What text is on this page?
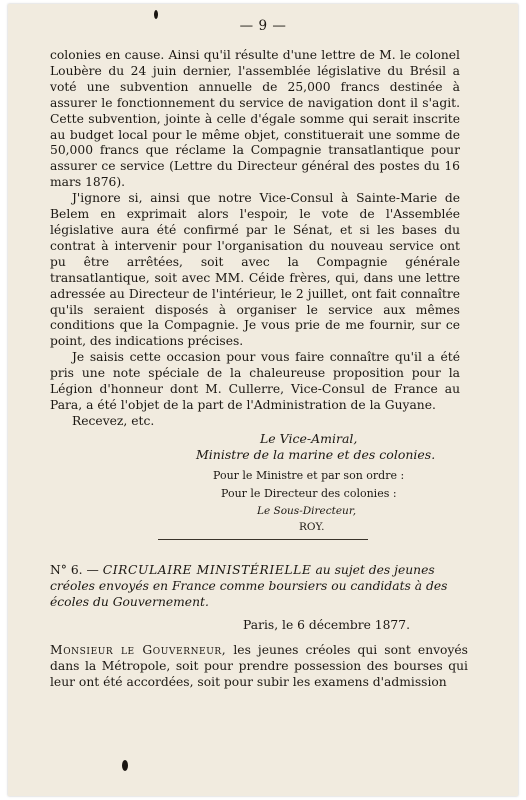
— 9 —

colonies en cause. Ainsi qu'il résulte d'une lettre de M. le colonel Loubère du 24 juin dernier, l'assemblée législative du Brésil a voté une subvention annuelle de 25,000 francs destinée à assurer le fonctionnement du service de navigation dont il s'agit. Cette subvention, jointe à celle d'égale somme qui serait inscrite au budget local pour le même objet, constituerait une somme de 50,000 francs que réclame la Compagnie transatlantique pour assurer ce service (Lettre du Directeur général des postes du 16 mars 1876).

J'ignore si, ainsi que notre Vice-Consul à Sainte-Marie de Belem en exprimait alors l'espoir, le vote de l'Assemblée législative aura été confirmé par le Sénat, et si les bases du contrat à intervenir pour l'organisation du nouveau service ont pu être arrêtées, soit avec la Compagnie générale transatlantique, soit avec MM. Céide frères, qui, dans une lettre adressée au Directeur de l'intérieur, le 2 juillet, ont fait connaître qu'ils seraient disposés à organiser le service aux mêmes conditions que la Compagnie. Je vous prie de me fournir, sur ce point, des indications précises.

Je saisis cette occasion pour vous faire connaître qu'il a été pris une note spéciale de la chaleureuse proposition pour la Légion d'honneur dont M. Cullerre, Vice-Consul de France au Para, a été l'objet de la part de l'Administration de la Guyane.

Recevez, etc.

Le Vice-Amiral,
Ministre de la marine et des colonies.
Pour le Ministre et par son ordre :
Pour le Directeur des colonies :
Le Sous-Directeur,
ROY.
N° 6. — CIRCULAIRE MINISTÉRIELLE au sujet des jeunes créoles envoyés en France comme boursiers ou candidats à des écoles du Gouvernement.
Paris, le 6 décembre 1877.
Monsieur le Gouverneur, les jeunes créoles qui sont envoyés dans la Métropole, soit pour prendre possession des bourses qui leur ont été accordées, soit pour subir les examens d'admission
